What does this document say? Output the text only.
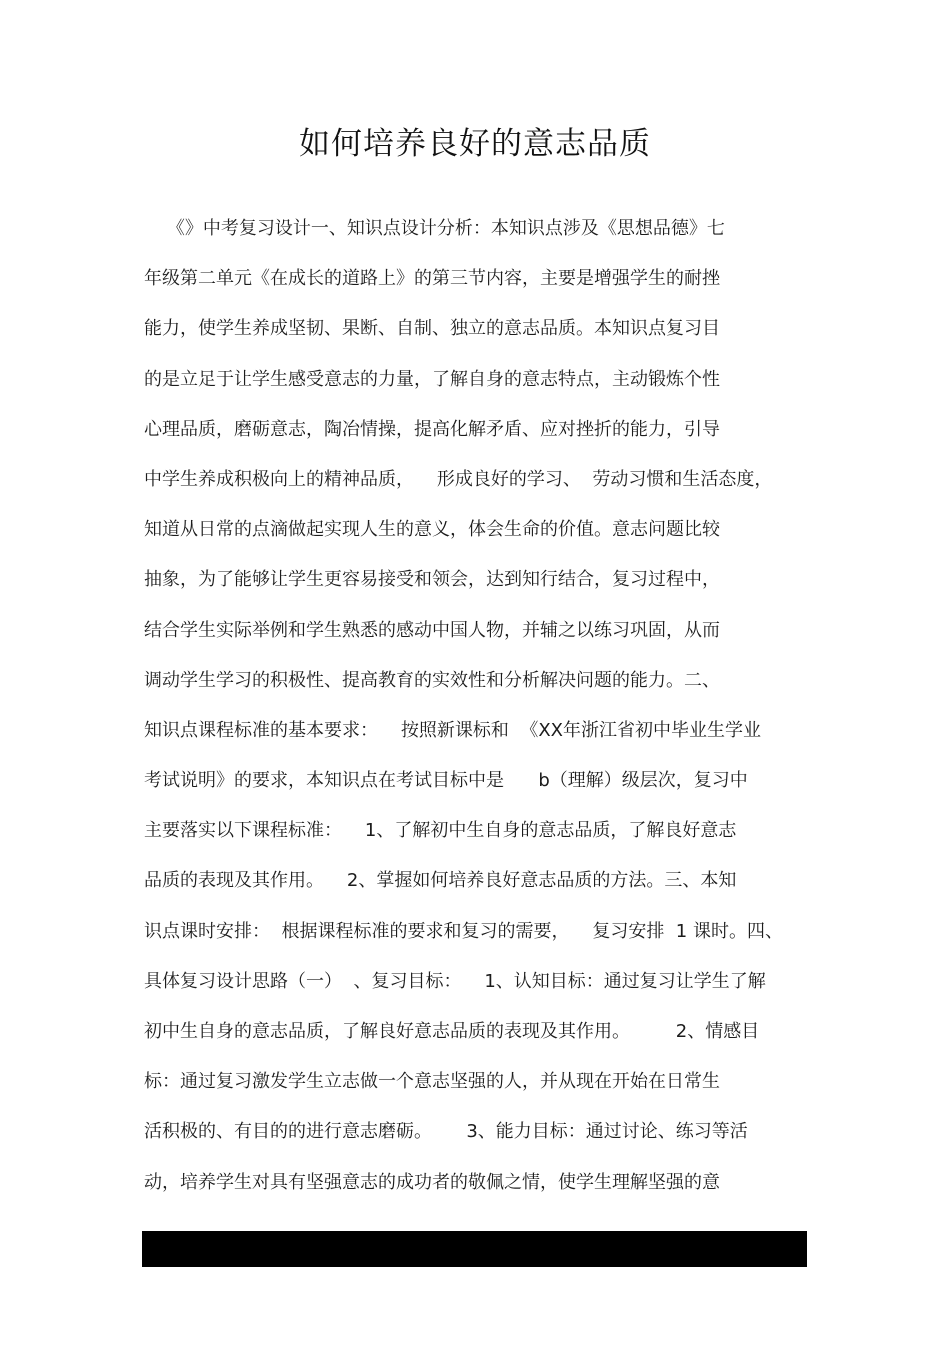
如何培养良好的意志品质
《》中考复习设计一、知识点设计分析：本知识点涉及《思想品德》七
年级第二单元《在成长的道路上》的第三节内容，主要是增强学生的耐挫
能力，使学生养成坚韧、果断、自制、独立的意志品质。本知识点复习目
的是立足于让学生感受意志的力量，了解自身的意志特点，主动锻炼个性
心理品质，磨砺意志，陶冶情操，提高化解矛盾、应对挫折的能力，引导
中学生养成积极向上的精神品质，    形成良好的学习、  劳动习惯和生活态度，
知道从日常的点滴做起实现人生的意义，体会生命的价值。意志问题比较
抽象，为了能够让学生更容易接受和领会，达到知行结合，复习过程中，
结合学生实际举例和学生熟悉的感动中国人物，并辅之以练习巩固，从而
调动学生学习的积极性、提高教育的实效性和分析解决问题的能力。二、
知识点课程标准的基本要求：    按照新课标和  《XX年浙江省初中毕业生学业
考试说明》的要求，本知识点在考试目标中是      b（理解）级层次，复习中
主要落实以下课程标准：    1、了解初中生自身的意志品质，了解良好意志
品质的表现及其作用。    2、掌握如何培养良好意志品质的方法。三、本知
识点课时安排：  根据课程标准的要求和复习的需要，    复习安排  1 课时。四、
具体复习设计思路（一）  、复习目标：    1、认知目标：通过复习让学生了解
初中生自身的意志品质，了解良好意志品质的表现及其作用。        2、情感目
标：通过复习激发学生立志做一个意志坚强的人，并从现在开始在日常生
活积极的、有目的的进行意志磨砺。      3、能力目标：通过讨论、练习等活
动，培养学生对具有坚强意志的成功者的敬佩之情，使学生理解坚强的意
